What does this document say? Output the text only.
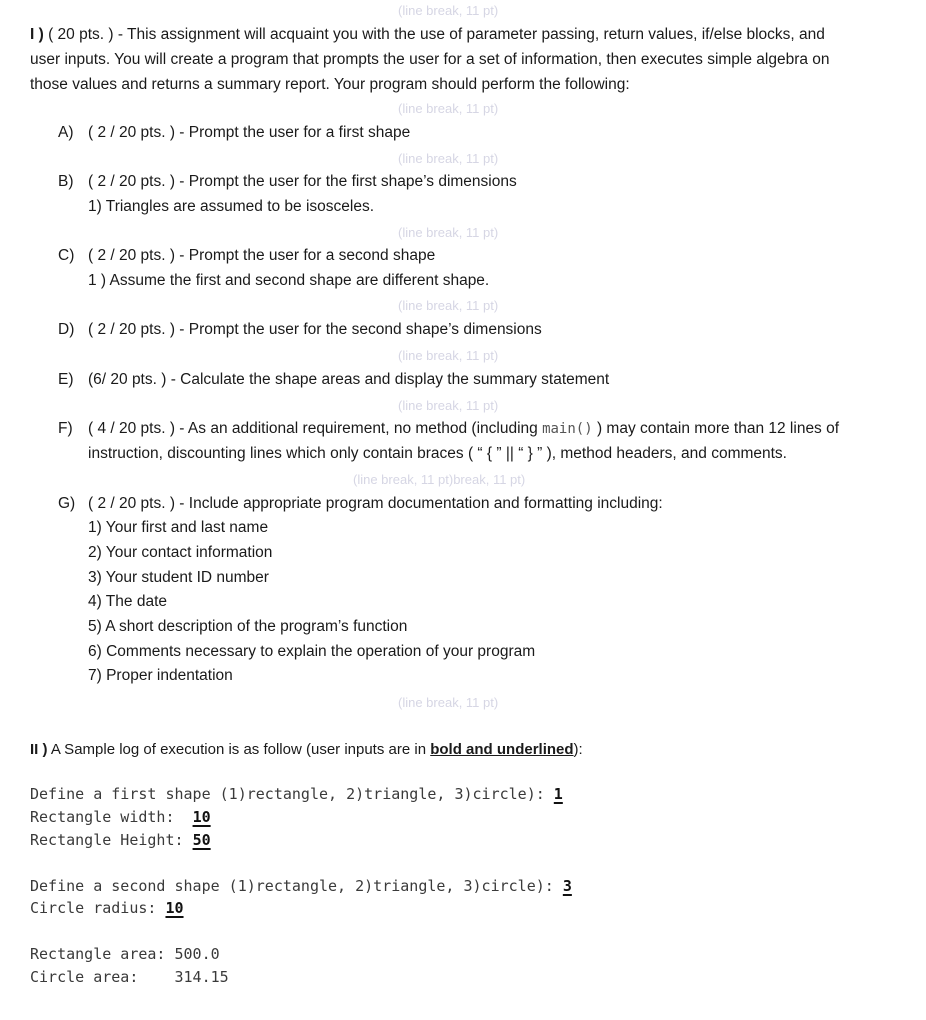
(line break, 11 pt)
(line break, 11 pt)
(line break, 11 pt)
(line break, 11 pt)
(line break, 11 pt)
(line break, 11 pt)
(line break, 11 pt)
(line break, 11 pt)break, 11 pt)
(line break, 11 pt)
I ) ( 20 pts. ) - This assignment will acquaint you with the use of parameter passing, return values, if/else blocks, and
user inputs. You will create a program that prompts the user for a set of information, then executes simple algebra on
those values and returns a summary report. Your program should perform the following:
A) ( 2 / 20 pts. ) - Prompt the user for a first shape
B) ( 2 / 20 pts. ) - Prompt the user for the first shape’s dimensions
1) Triangles are assumed to be isosceles.
C) ( 2 / 20 pts. ) - Prompt the user for a second shape
1 ) Assume the first and second shape are different shape.
D) ( 2 / 20 pts. ) - Prompt the user for the second shape’s dimensions
E) (6/ 20 pts. ) - Calculate the shape areas and display the summary statement
F) ( 4 / 20 pts. ) - As an additional requirement, no method (including main() ) may contain more than 12 lines of
instruction, discounting lines which only contain braces ( “ { ” || “ } ” ), method headers, and comments.
G) ( 2 / 20 pts. ) - Include appropriate program documentation and formatting including:
1) Your first and last name
2) Your contact information
3) Your student ID number
4) The date
5) A short description of the program’s function
6) Comments necessary to explain the operation of your program
7) Proper indentation
II ) A Sample log of execution is as follow (user inputs are in bold and underlined):
Define a first shape (1)rectangle, 2)triangle, 3)circle): 1
Rectangle width:  10
Rectangle Height: 50
Define a second shape (1)rectangle, 2)triangle, 3)circle): 3
Circle radius: 10
Rectangle area: 500.0
Circle area:    314.15
